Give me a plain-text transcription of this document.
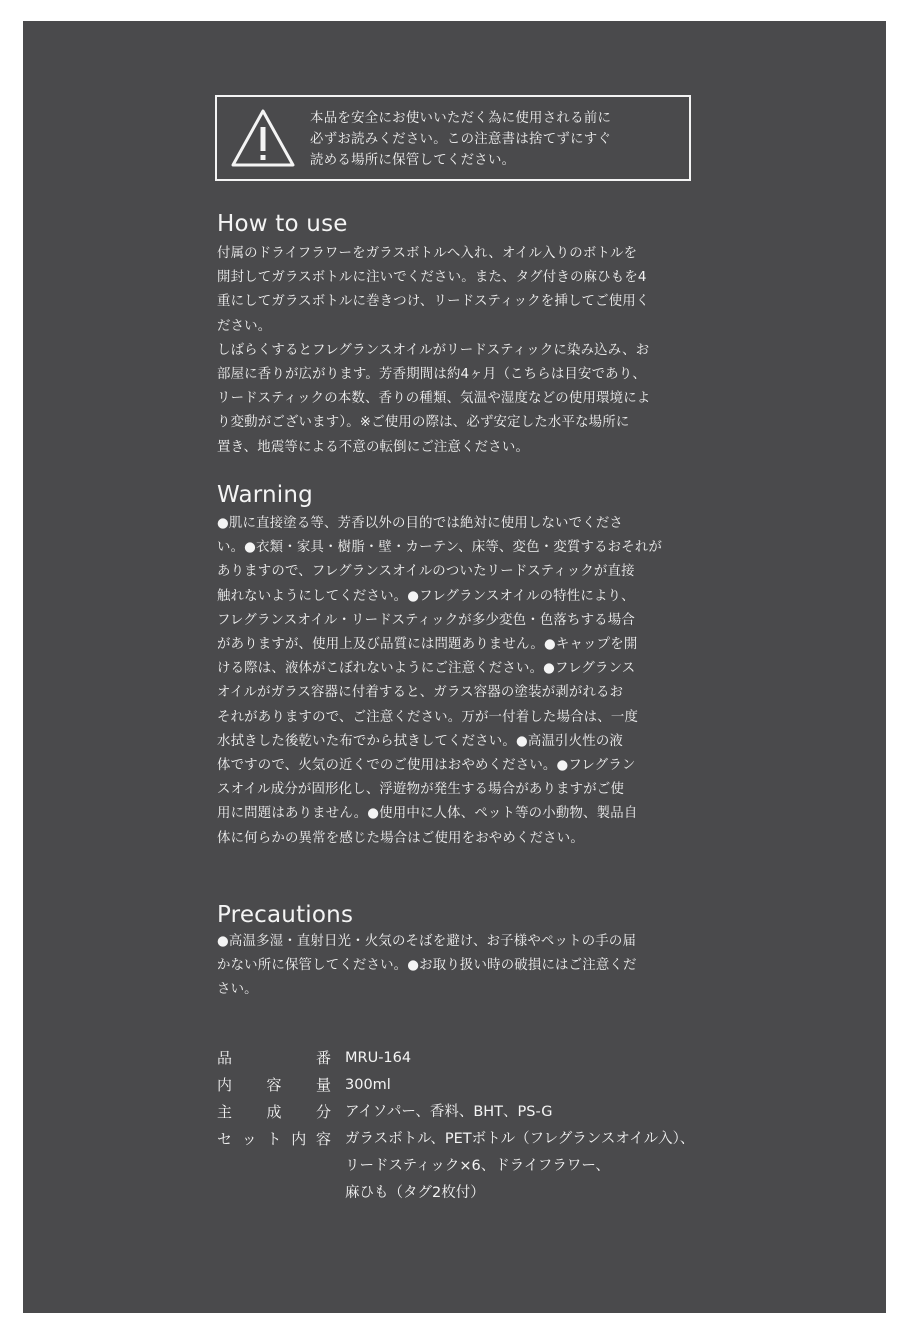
本品を安全にお使いいただく為に使用される前に
必ずお読みください。この注意書は捨てずにすぐ
読める場所に保管してください。
How to use
付属のドライフラワーをガラスボトルへ入れ、オイル入りのボトルを
開封してガラスボトルに注いでください。また、タグ付きの麻ひもを4
重にしてガラスボトルに巻きつけ、リードスティックを挿してご使用く
ださい。
しばらくするとフレグランスオイルがリードスティックに染み込み、お
部屋に香りが広がります。芳香期間は約4ヶ月（こちらは目安であり、
リードスティックの本数、香りの種類、気温や湿度などの使用環境によ
り変動がございます）。※ご使用の際は、必ず安定した水平な場所に
置き、地震等による不意の転倒にご注意ください。
Warning
●肌に直接塗る等、芳香以外の目的では絶対に使用しないでくださ
い。●衣類・家具・樹脂・壁・カーテン、床等、変色・変質するおそれが
ありますので、フレグランスオイルのついたリードスティックが直接
触れないようにしてください。●フレグランスオイルの特性により、
フレグランスオイル・リードスティックが多少変色・色落ちする場合
がありますが、使用上及び品質には問題ありません。●キャップを開
ける際は、液体がこぼれないようにご注意ください。●フレグランス
オイルがガラス容器に付着すると、ガラス容器の塗装が剥がれるお
それがありますので、ご注意ください。万が一付着した場合は、一度
水拭きした後乾いた布でから拭きしてください。●高温引火性の液
体ですので、火気の近くでのご使用はおやめください。●フレグラン
スオイル成分が固形化し、浮遊物が発生する場合がありますがご使
用に問題はありません。●使用中に人体、ペット等の小動物、製品自
体に何らかの異常を感じた場合はご使用をおやめください。
Precautions
●高温多湿・直射日光・火気のそばを避け、お子様やペットの手の届
かない所に保管してください。●お取り扱い時の破損にはご注意くだ
さい。
品	番 MRU-164
内 容 量 300ml
主 成 分 アイソパー、香料、BHT、PS-G
セ ッ ト 内 容 ガラスボトル、PETボトル（フレグランスオイル入）、
リードスティック×6、ドライフラワー、
麻ひも（タグ2枚付）
